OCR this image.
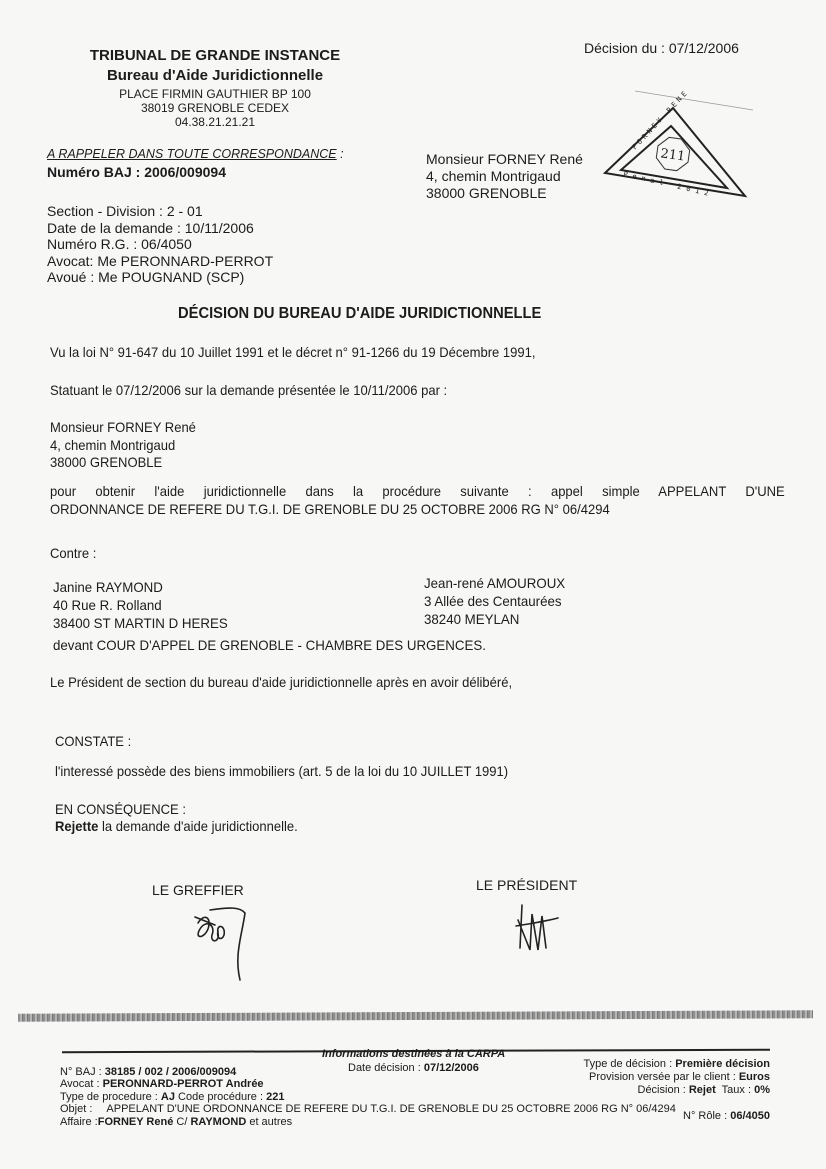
TRIBUNAL DE GRANDE INSTANCE
Bureau d'Aide Juridictionnelle
PLACE FIRMIN GAUTHIER BP 100
38019 GRENOBLE CEDEX
04.38.21.21.21
A RAPPELER DANS TOUTE CORRESPONDANCE :
Numéro BAJ : 2006/009094
Décision du : 07/12/2006
211
FORNEY RENE
Penal 2012
Monsieur FORNEY René
4, chemin Montrigaud
38000 GRENOBLE
Section - Division : 2 - 01
Date de la demande : 10/11/2006
Numéro R.G. : 06/4050
Avocat: Me PERONNARD-PERROT
Avoué : Me POUGNAND (SCP)
DÉCISION DU BUREAU D'AIDE JURIDICTIONNELLE
Vu la loi N° 91-647 du 10 Juillet 1991 et le décret n° 91-1266 du 19 Décembre 1991,
Statuant le 07/12/2006 sur la demande présentée le 10/11/2006 par :
Monsieur FORNEY René
4, chemin Montrigaud
38000 GRENOBLE
pour obtenir l'aide juridictionnelle dans la procédure suivante : appel simple APPELANT D'UNE
ORDONNANCE DE REFERE DU T.G.I. DE GRENOBLE DU 25 OCTOBRE 2006 RG N° 06/4294
Contre :
Janine RAYMOND
40 Rue R. Rolland
38400 ST MARTIN D HERES
Jean-rené AMOUROUX
3 Allée des Centaurées
38240 MEYLAN
devant COUR D'APPEL DE GRENOBLE - CHAMBRE DES URGENCES.
Le Président de section du bureau d'aide juridictionnelle après en avoir délibéré,
CONSTATE :
l'interessé possède des biens immobiliers (art. 5 de la loi du 10 JUILLET 1991)
EN CONSÉQUENCE :
Rejette la demande d'aide juridictionnelle.
LE GREFFIER	LE PRÉSIDENT
Informations destinées à la CARPA
Date décision : 07/12/2006
N° BAJ : 38185 / 002 / 2006/009094
Avocat : PERONNARD-PERROT Andrée
Type de procedure : AJ Code procédure : 221
Objet : APPELANT D'UNE ORDONNANCE DE REFERE DU T.G.I. DE GRENOBLE DU 25 OCTOBRE 2006 RG N° 06/4294
Affaire :FORNEY René C/ RAYMOND et autres
Type de décision : Première décision
Provision versée par le client : Euros
Décision : Rejet  Taux : 0%
N° Rôle : 06/4050
